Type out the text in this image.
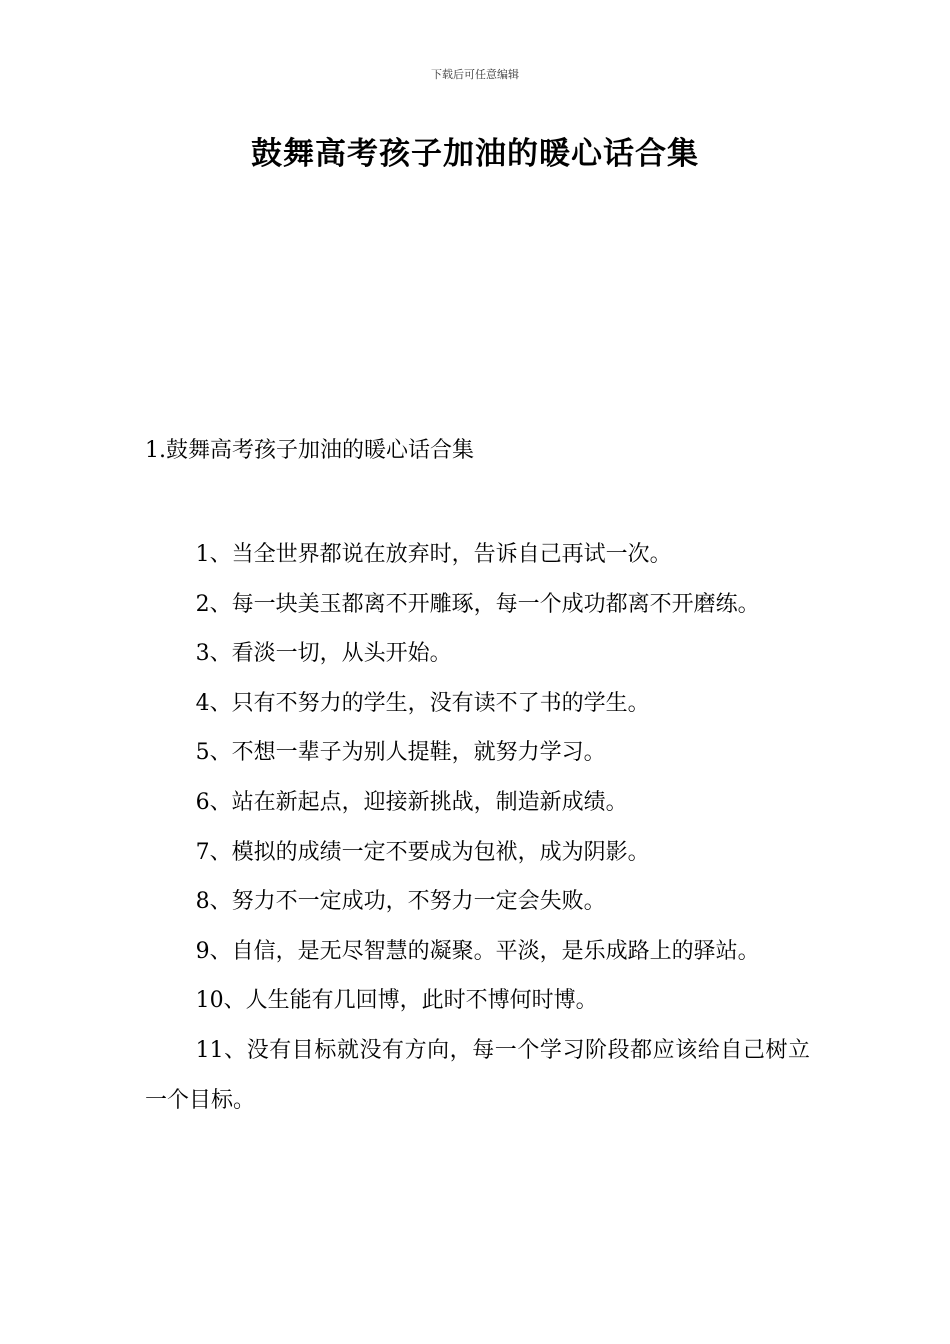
下载后可任意编辑
鼓舞高考孩子加油的暖心话合集
1.鼓舞高考孩子加油的暖心话合集

1、当全世界都说在放弃时，告诉自己再试一次。

2、每一块美玉都离不开雕琢，每一个成功都离不开磨练。

3、看淡一切，从头开始。

4、只有不努力的学生，没有读不了书的学生。

5、不想一辈子为别人提鞋，就努力学习。

6、站在新起点，迎接新挑战，制造新成绩。

7、模拟的成绩一定不要成为包袱，成为阴影。

8、努力不一定成功，不努力一定会失败。

9、自信，是无尽智慧的凝聚。平淡，是乐成路上的驿站。

10、人生能有几回博，此时不博何时博。

11、没有目标就没有方向，每一个学习阶段都应该给自己树立一个目标。
